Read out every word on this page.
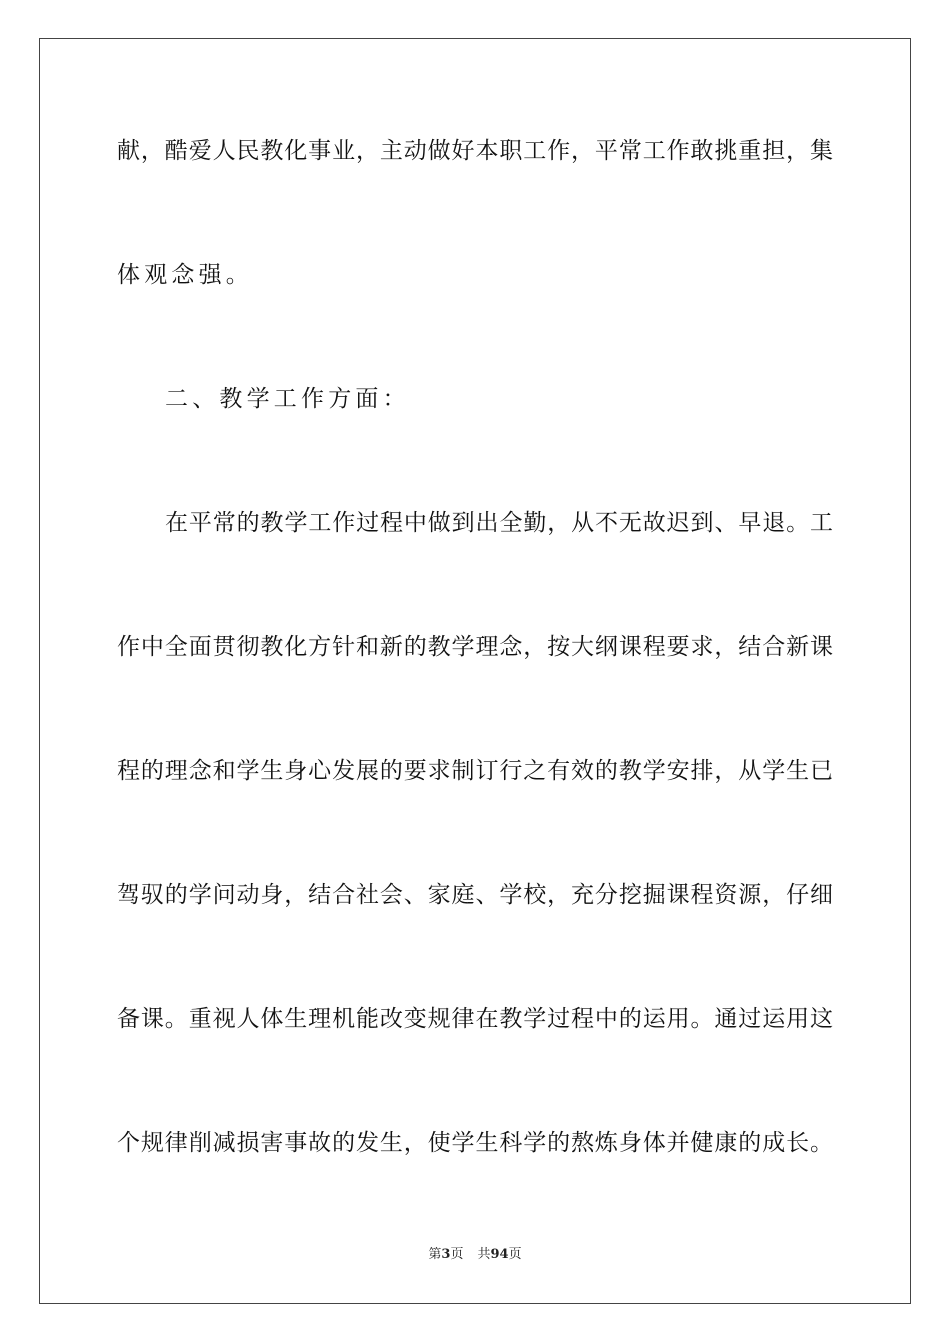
献，酷爱人民教化事业，主动做好本职工作，平常工作敢挑重担，集
体观念强。
二、教学工作方面：
在平常的教学工作过程中做到出全勤，从不无故迟到、早退。工
作中全面贯彻教化方针和新的教学理念，按大纲课程要求，结合新课
程的理念和学生身心发展的要求制订行之有效的教学安排，从学生已
驾驭的学问动身，结合社会、家庭、学校，充分挖掘课程资源，仔细
备课。重视人体生理机能改变规律在教学过程中的运用。通过运用这
个规律削减损害事故的发生，使学生科学的熬炼身体并健康的成长。
第3页 共94页
